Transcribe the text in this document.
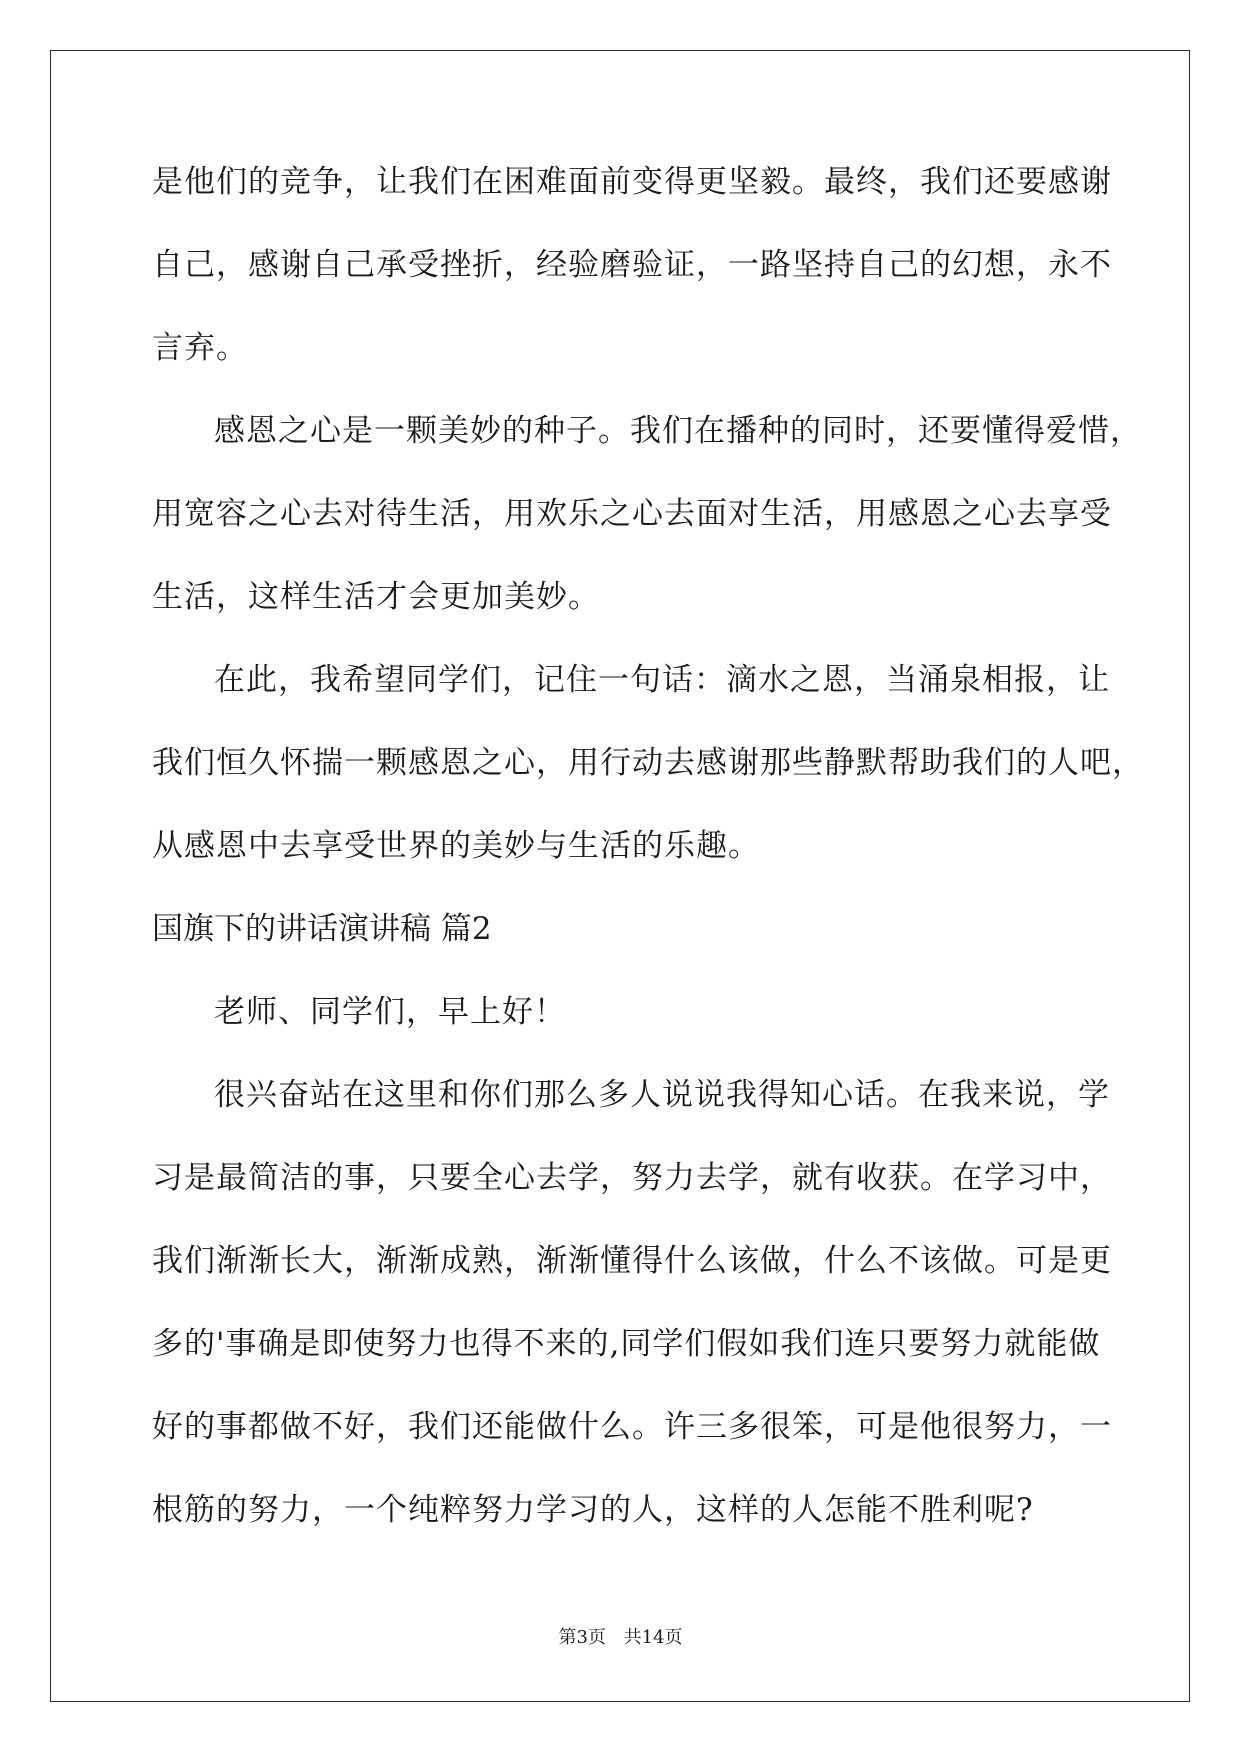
是他们的竞争，让我们在困难面前变得更坚毅。最终，我们还要感谢
自己，感谢自己承受挫折，经验磨验证，一路坚持自己的幻想，永不
言弃。
感恩之心是一颗美妙的种子。我们在播种的同时，还要懂得爱惜，
用宽容之心去对待生活，用欢乐之心去面对生活，用感恩之心去享受
生活，这样生活才会更加美妙。
在此，我希望同学们，记住一句话：滴水之恩，当涌泉相报，让
我们恒久怀揣一颗感恩之心，用行动去感谢那些静默帮助我们的人吧，
从感恩中去享受世界的美妙与生活的乐趣。
国旗下的讲话演讲稿 篇2
老师、同学们，早上好！
很兴奋站在这里和你们那么多人说说我得知心话。在我来说，学
习是最简洁的事，只要全心去学，努力去学，就有收获。在学习中，
我们渐渐长大，渐渐成熟，渐渐懂得什么该做，什么不该做。可是更
多的'事确是即使努力也得不来的,同学们假如我们连只要努力就能做
好的事都做不好，我们还能做什么。许三多很笨，可是他很努力，一
根筋的努力，一个纯粹努力学习的人，这样的人怎能不胜利呢?
第3页 共14页
